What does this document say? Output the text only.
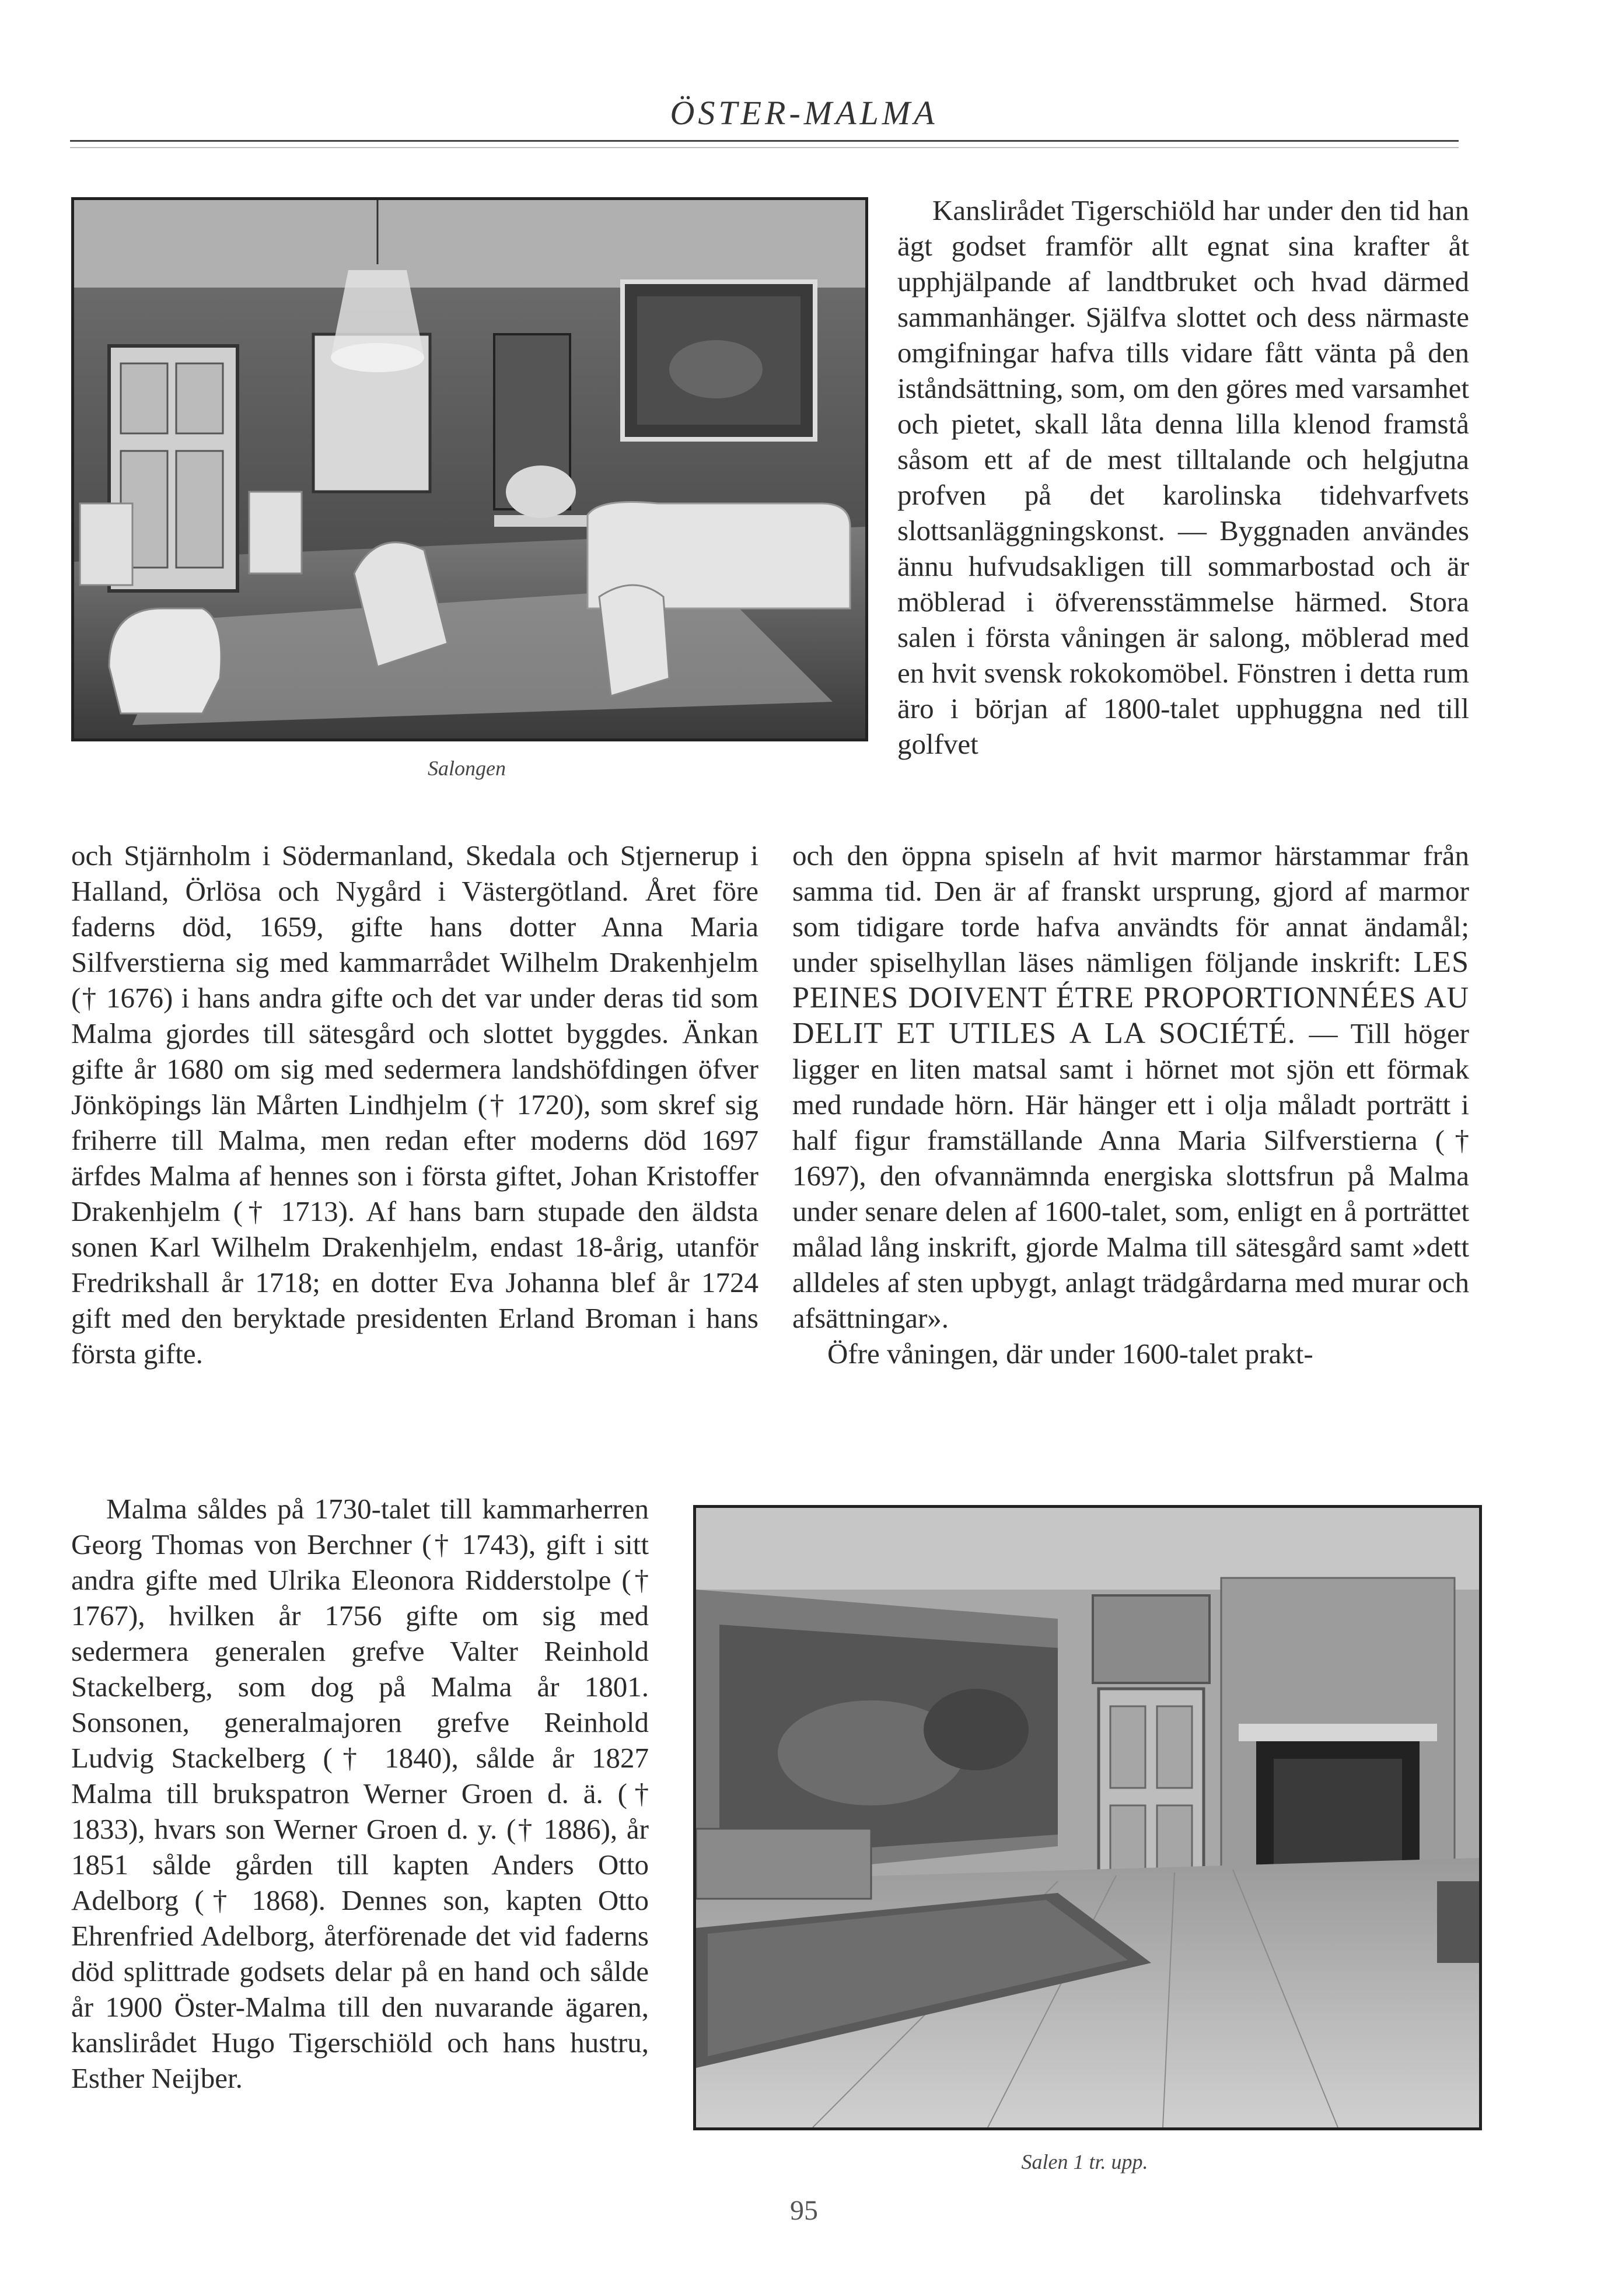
ÖSTER-MALMA
Salongen
Kanslirådet Tigerschiöld har under den tid han ägt godset framför allt egnat sina krafter åt upphjälpande af landtbruket och hvad därmed sammanhänger. Själfva slottet och dess närmaste omgifningar hafva tills vidare fått vänta på den iståndsättning, som, om den göres med varsamhet och pietet, skall låta denna lilla klenod framstå såsom ett af de mest tilltalande och helgjutna profven på det karolinska tidehvarfvets slottsanläggningskonst. — Byggnaden användes ännu hufvudsakligen till sommarbostad och är möblerad i öfverensstämmelse härmed. Stora salen i första våningen är salong, möblerad med en hvit svensk rokokomöbel. Fönstren i detta rum äro i början af 1800-talet upphuggna ned till golfvet
och Stjärnholm i Södermanland, Skedala och Stjernerup i Halland, Örlösa och Nygård i Västergötland. Året före faderns död, 1659, gifte hans dotter Anna Maria Silfverstierna sig med kammarrådet Wilhelm Drakenhjelm († 1676) i hans andra gifte och det var under deras tid som Malma gjordes till sätesgård och slottet byggdes. Änkan gifte år 1680 om sig med sedermera landshöfdingen öfver Jönköpings län Mårten Lindhjelm († 1720), som skref sig friherre till Malma, men redan efter moderns död 1697 ärfdes Malma af hennes son i första giftet, Johan Kristoffer Drakenhjelm († 1713). Af hans barn stupade den äldsta sonen Karl Wilhelm Drakenhjelm, endast 18-årig, utanför Fredrikshall år 1718; en dotter Eva Johanna blef år 1724 gift med den beryktade presidenten Erland Broman i hans första gifte.
och den öppna spiseln af hvit marmor härstammar från samma tid. Den är af franskt ursprung, gjord af marmor som tidigare torde hafva användts för annat ändamål; under spiselhyllan läses nämligen följande inskrift: LES PEINES DOIVENT ÉTRE PROPORTIONNÉES AU DELIT ET UTILES A LA SOCIÉTÉ. — Till höger ligger en liten matsal samt i hörnet mot sjön ett förmak med rundade hörn. Här hänger ett i olja måladt porträtt i half figur framställande Anna Maria Silfverstierna († 1697), den ofvannämnda energiska slottsfrun på Malma under senare delen af 1600-talet, som, enligt en å porträttet målad lång inskrift, gjorde Malma till sätesgård samt »dett alldeles af sten upbygt, anlagt trädgårdarna med murar och afsättningar».

Öfre våningen, där under 1600-talet prakt-

Malma såldes på 1730-talet till kammarherren Georg Thomas von Berchner († 1743), gift i sitt andra gifte med Ulrika Eleonora Ridderstolpe († 1767), hvilken år 1756 gifte om sig med sedermera generalen grefve Valter Reinhold Stackelberg, som dog på Malma år 1801. Sonsonen, generalmajoren grefve Reinhold Ludvig Stackelberg († 1840), sålde år 1827 Malma till brukspatron Werner Groen d. ä. († 1833), hvars son Werner Groen d. y. († 1886), år 1851 sålde gården till kapten Anders Otto Adelborg († 1868). Dennes son, kapten Otto Ehrenfried Adelborg, återförenade det vid faderns död splittrade godsets delar på en hand och sålde år 1900 Öster-Malma till den nuvarande ägaren, kanslirådet Hugo Tigerschiöld och hans hustru, Esther Neijber.
Salen 1 tr. upp.
95
